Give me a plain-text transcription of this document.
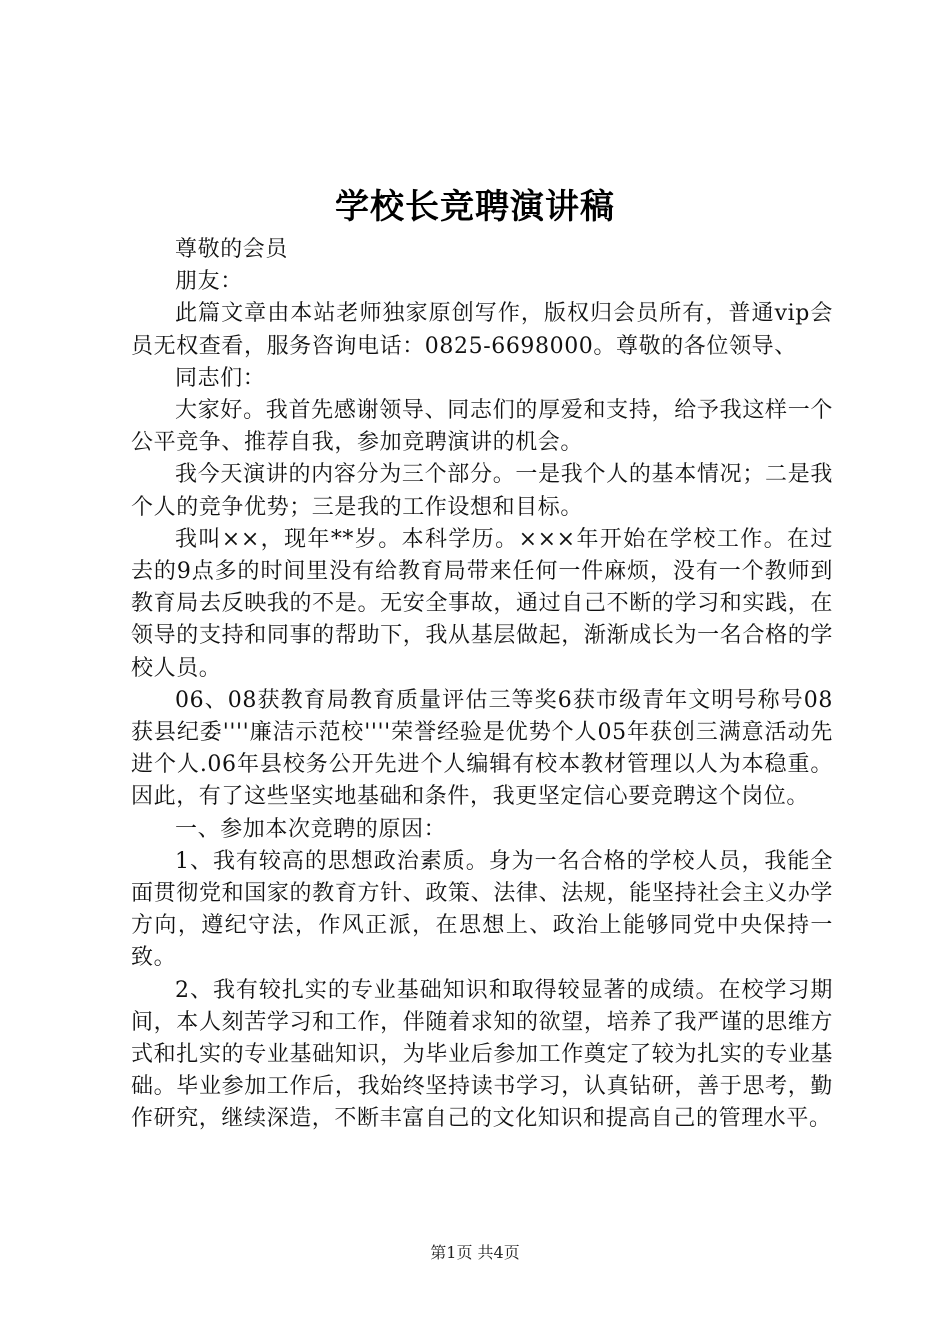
学校长竞聘演讲稿

尊敬的会员

朋友：

此篇文章由本站老师独家原创写作，版权归会员所有，普通vip会员无权查看，服务咨询电话：0825-6698000。尊敬的各位领导、

同志们：

大家好。我首先感谢领导、同志们的厚爱和支持，给予我这样一个公平竞争、推荐自我，参加竞聘演讲的机会。

我今天演讲的内容分为三个部分。一是我个人的基本情况；二是我个人的竞争优势；三是我的工作设想和目标。

我叫××，现年**岁。本科学历。×××年开始在学校工作。在过去的9点多的时间里没有给教育局带来任何一件麻烦，没有一个教师到教育局去反映我的不是。无安全事故，通过自己不断的学习和实践，在领导的支持和同事的帮助下，我从基层做起，渐渐成长为一名合格的学校人员。

06、08获教育局教育质量评估三等奖6获市级青年文明号称号08获县纪委''''廉洁示范校''''荣誉经验是优势个人05年获创三满意活动先进个人.06年县校务公开先进个人编辑有校本教材管理以人为本稳重。因此，有了这些坚实地基础和条件，我更坚定信心要竞聘这个岗位。

一、参加本次竞聘的原因：

1、我有较高的思想政治素质。身为一名合格的学校人员，我能全面贯彻党和国家的教育方针、政策、法律、法规，能坚持社会主义办学方向，遵纪守法，作风正派，在思想上、政治上能够同党中央保持一致。

2、我有较扎实的专业基础知识和取得较显著的成绩。在校学习期间，本人刻苦学习和工作，伴随着求知的欲望，培养了我严谨的思维方式和扎实的专业基础知识，为毕业后参加工作奠定了较为扎实的专业基础。毕业参加工作后，我始终坚持读书学习，认真钻研，善于思考，勤作研究，继续深造，不断丰富自己的文化知识和提高自己的管理水平。

第1页 共4页
